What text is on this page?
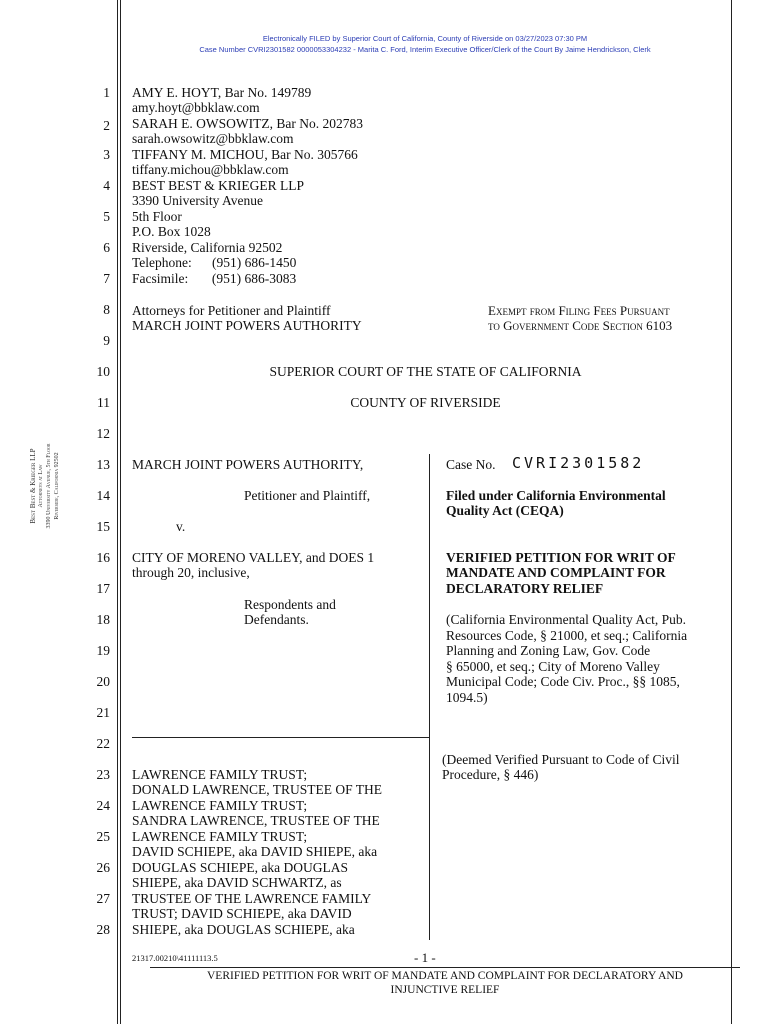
Electronically FILED by Superior Court of California, County of Riverside on 03/27/2023 07:30 PM
Case Number CVRI2301582 0000053304232 - Marita C. Ford, Interim Executive Officer/Clerk of the Court By Jaime Hendrickson, Clerk
Best Best & Krieger LLP Attorneys at Law 3390 University Avenue, 5th Floor Riverside, California 92502
1
2
3
4
5
6
7
8
9
10
11
12
13
14
15
16
17
18
19
20
21
22
23
24
25
26
27
28
AMY E. HOYT, Bar No. 149789
amy.hoyt@bbklaw.com
SARAH E. OWSOWITZ, Bar No. 202783
sarah.owsowitz@bbklaw.com
TIFFANY M. MICHOU, Bar No. 305766
tiffany.michou@bbklaw.com
BEST BEST & KRIEGER LLP
3390 University Avenue
5th Floor
P.O. Box 1028
Riverside, California 92502
Telephone:      (951) 686-1450
Facsimile:       (951) 686-3083
Attorneys for Petitioner and Plaintiff
MARCH JOINT POWERS AUTHORITY
Exempt from Filing Fees Pursuant
to Government Code Section 6103
SUPERIOR COURT OF THE STATE OF CALIFORNIA
COUNTY OF RIVERSIDE
MARCH JOINT POWERS AUTHORITY,
Petitioner and Plaintiff,
v.
CITY OF MORENO VALLEY, and DOES 1
through 20, inclusive,
Respondents and
Defendants.
LAWRENCE FAMILY TRUST;
DONALD LAWRENCE, TRUSTEE OF THE
LAWRENCE FAMILY TRUST;
SANDRA LAWRENCE, TRUSTEE OF THE
LAWRENCE FAMILY TRUST;
DAVID SCHIEPE, aka DAVID SHIEPE, aka
DOUGLAS SCHIEPE, aka DOUGLAS
SHIEPE, aka DAVID SCHWARTZ, as
TRUSTEE OF THE LAWRENCE FAMILY
TRUST; DAVID SCHIEPE, aka DAVID
SHIEPE, aka DOUGLAS SCHIEPE, aka
Case No. CVRI2301582
Filed under California Environmental
Quality Act (CEQA)
VERIFIED PETITION FOR WRIT OF
MANDATE AND COMPLAINT FOR
DECLARATORY RELIEF
(California Environmental Quality Act, Pub.
Resources Code, § 21000, et seq.; California
Planning and Zoning Law, Gov. Code
§ 65000, et seq.; City of Moreno Valley
Municipal Code; Code Civ. Proc., §§ 1085,
1094.5)
(Deemed Verified Pursuant to Code of Civil
Procedure, § 446)
21317.00210\41111113.5	- 1 -
VERIFIED PETITION FOR WRIT OF MANDATE AND COMPLAINT FOR DECLARATORY AND
INJUNCTIVE RELIEF
